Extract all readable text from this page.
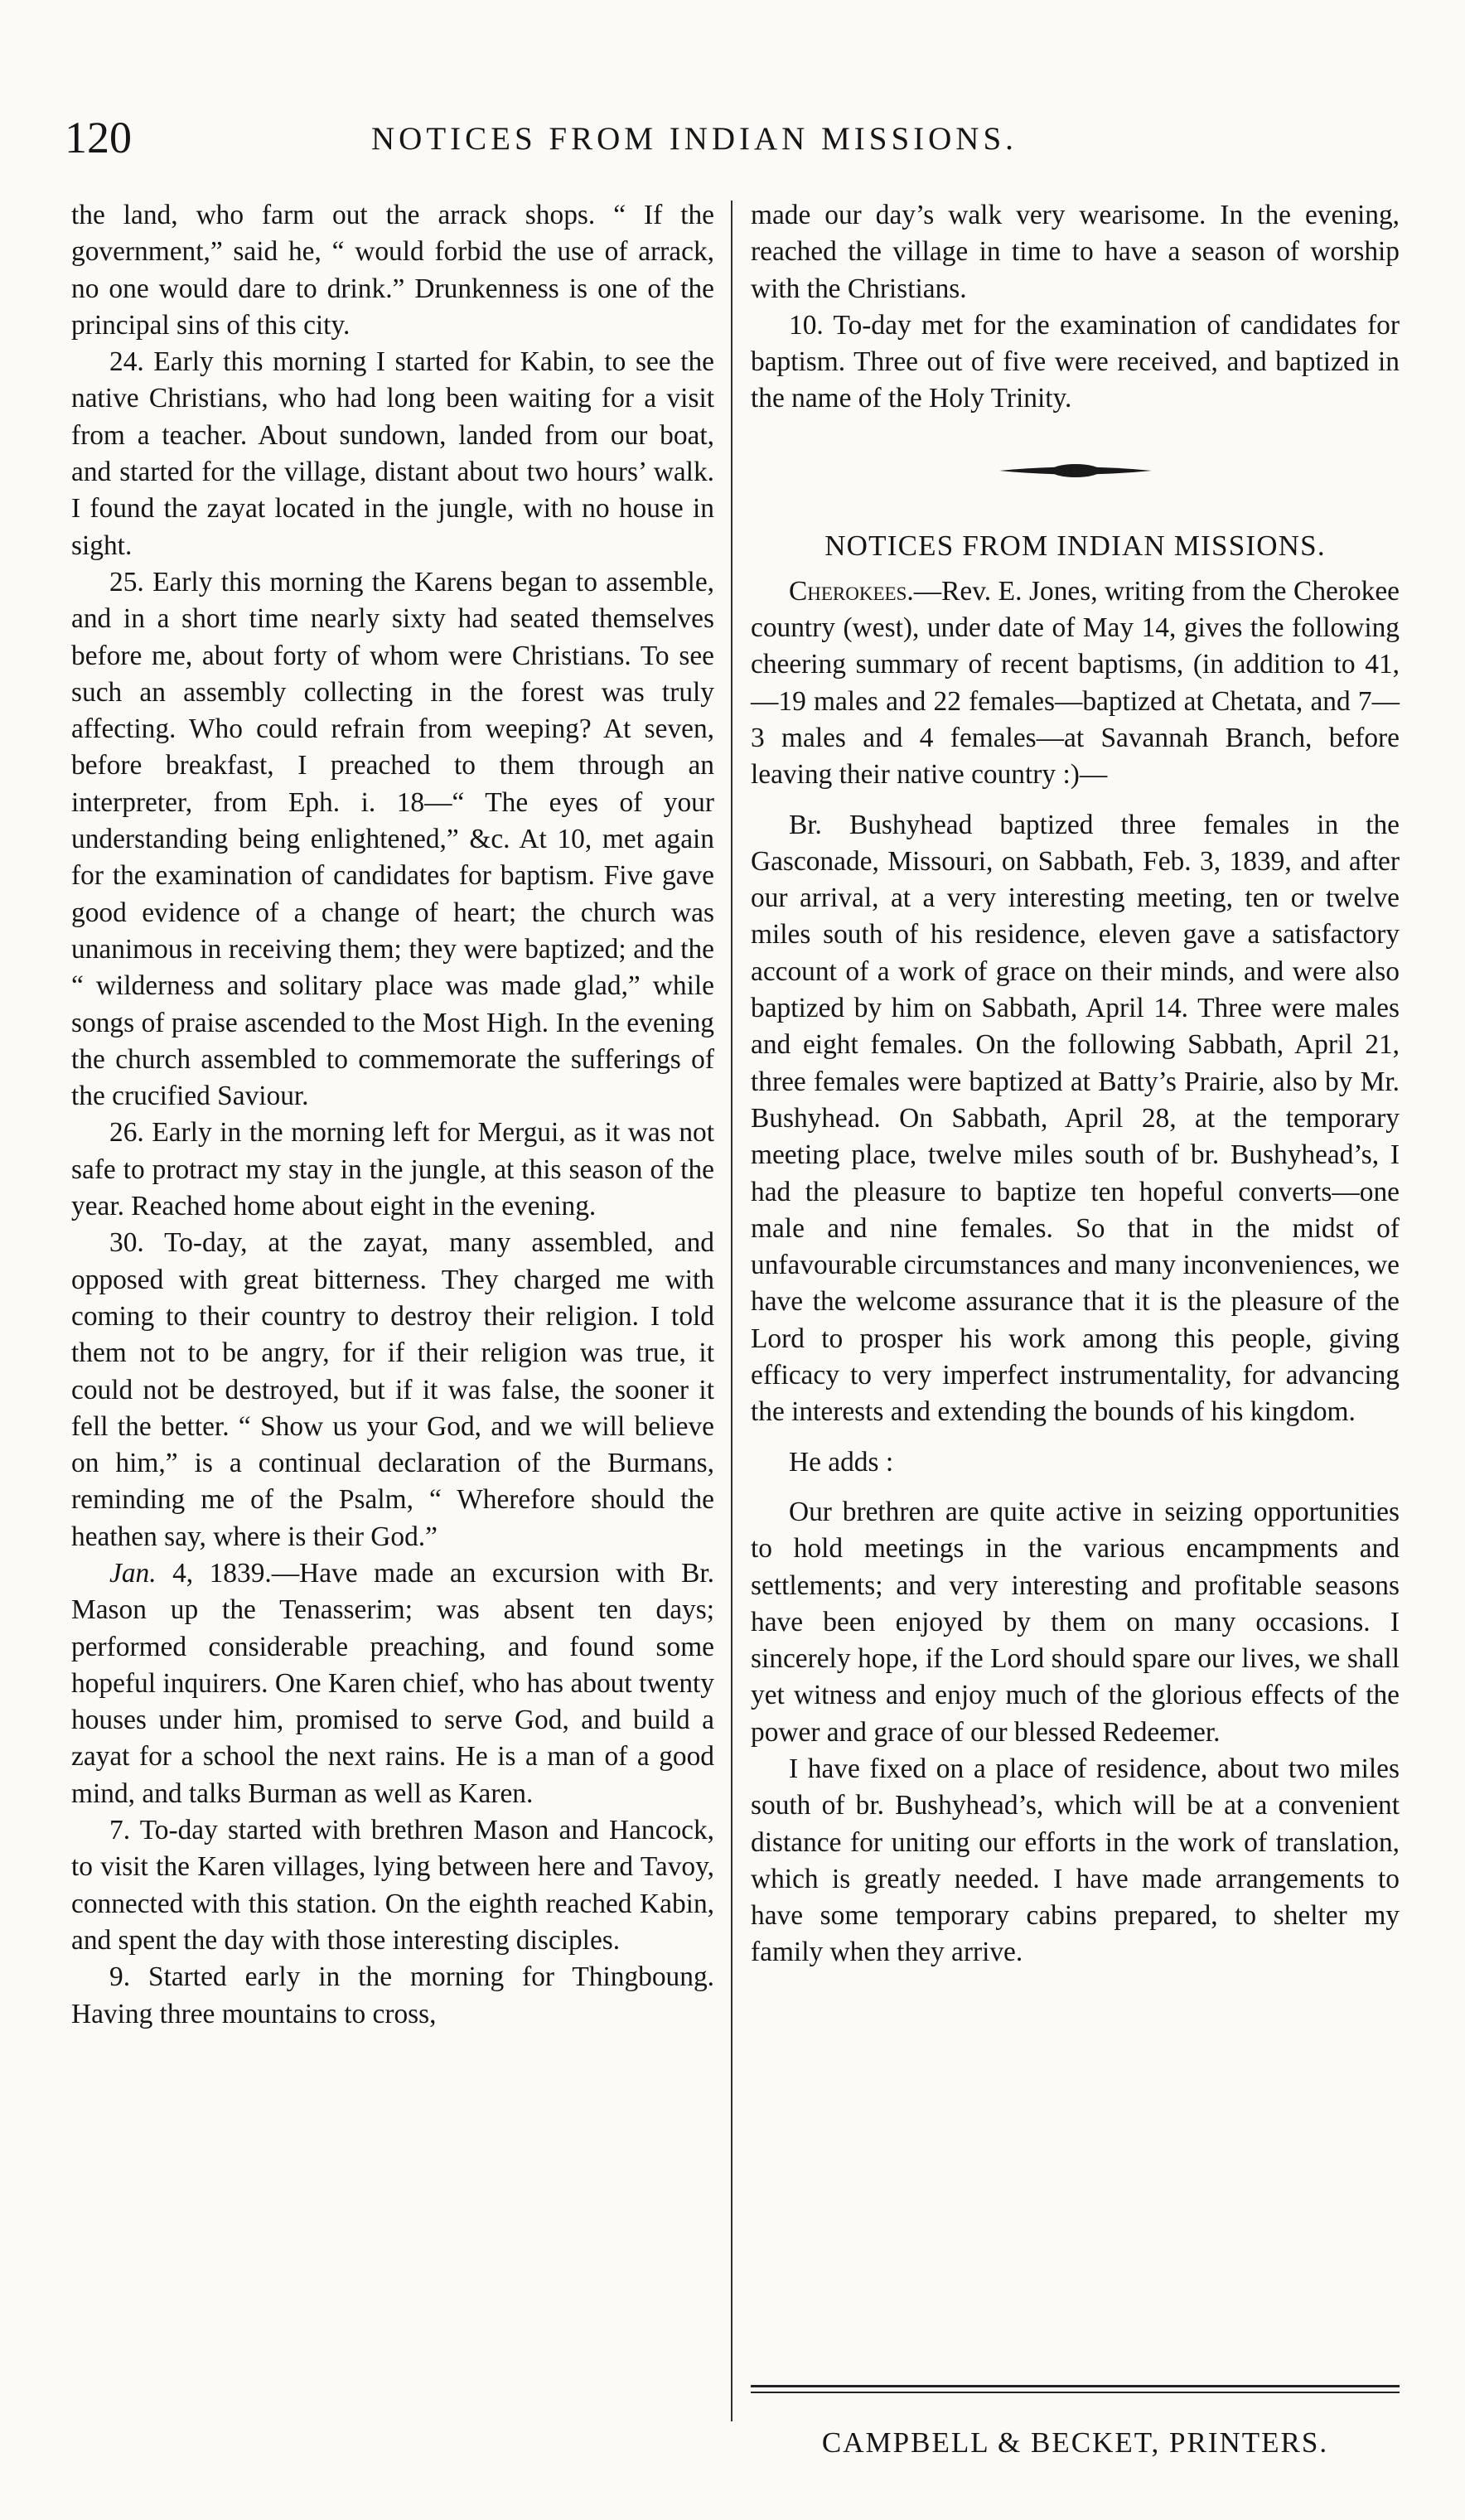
120	NOTICES FROM INDIAN MISSIONS.

the land, who farm out the arrack shops. “ If the government,” said he, “ would forbid the use of arrack, no one would dare to drink.” Drunkenness is one of the principal sins of this city.

24. Early this morning I started for Kabin, to see the native Christians, who had long been waiting for a visit from a teacher. About sundown, landed from our boat, and started for the village, distant about two hours’ walk. I found the zayat located in the jungle, with no house in sight.

25. Early this morning the Karens began to assemble, and in a short time nearly sixty had seated themselves before me, about forty of whom were Christians. To see such an assembly collecting in the forest was truly affecting. Who could refrain from weeping? At seven, before breakfast, I preached to them through an interpreter, from Eph. i. 18—“ The eyes of your understanding being enlightened,” &c. At 10, met again for the examination of candidates for baptism. Five gave good evidence of a change of heart; the church was unanimous in receiving them; they were baptized; and the “ wilderness and solitary place was made glad,” while songs of praise ascended to the Most High. In the evening the church assembled to commemorate the sufferings of the crucified Saviour.

26. Early in the morning left for Mergui, as it was not safe to protract my stay in the jungle, at this season of the year. Reached home about eight in the evening.

30. To-day, at the zayat, many assembled, and opposed with great bitterness. They charged me with coming to their country to destroy their religion. I told them not to be angry, for if their religion was true, it could not be destroyed, but if it was false, the sooner it fell the better. “ Show us your God, and we will believe on him,” is a continual declaration of the Burmans, reminding me of the Psalm, “ Wherefore should the heathen say, where is their God.”

Jan. 4, 1839.—Have made an excursion with Br. Mason up the Tenasserim; was absent ten days; performed considerable preaching, and found some hopeful inquirers. One Karen chief, who has about twenty houses under him, promised to serve God, and build a zayat for a school the next rains. He is a man of a good mind, and talks Burman as well as Karen.

7. To-day started with brethren Mason and Hancock, to visit the Karen villages, lying between here and Tavoy, connected with this station. On the eighth reached Kabin, and spent the day with those interesting disciples.

9. Started early in the morning for Thingboung. Having three mountains to cross,

made our day’s walk very wearisome. In the evening, reached the village in time to have a season of worship with the Christians.

10. To-day met for the examination of candidates for baptism. Three out of five were received, and baptized in the name of the Holy Trinity.

NOTICES FROM INDIAN MISSIONS.

Cherokees.—Rev. E. Jones, writing from the Cherokee country (west), under date of May 14, gives the following cheering summary of recent baptisms, (in addition to 41,—19 males and 22 females—baptized at Chetata, and 7—3 males and 4 females—at Savannah Branch, before leaving their native country :)—

Br. Bushyhead baptized three females in the Gasconade, Missouri, on Sabbath, Feb. 3, 1839, and after our arrival, at a very interesting meeting, ten or twelve miles south of his residence, eleven gave a satisfactory account of a work of grace on their minds, and were also baptized by him on Sabbath, April 14. Three were males and eight females. On the following Sabbath, April 21, three females were baptized at Batty’s Prairie, also by Mr. Bushyhead. On Sabbath, April 28, at the temporary meeting place, twelve miles south of br. Bushyhead’s, I had the pleasure to baptize ten hopeful converts—one male and nine females. So that in the midst of unfavourable circumstances and many inconveniences, we have the welcome assurance that it is the pleasure of the Lord to prosper his work among this people, giving efficacy to very imperfect instrumentality, for advancing the interests and extending the bounds of his kingdom.

He adds :

Our brethren are quite active in seizing opportunities to hold meetings in the various encampments and settlements; and very interesting and profitable seasons have been enjoyed by them on many occasions. I sincerely hope, if the Lord should spare our lives, we shall yet witness and enjoy much of the glorious effects of the power and grace of our blessed Redeemer.

I have fixed on a place of residence, about two miles south of br. Bushyhead’s, which will be at a convenient distance for uniting our efforts in the work of translation, which is greatly needed. I have made arrangements to have some temporary cabins prepared, to shelter my family when they arrive.

CAMPBELL & BECKET, PRINTERS.
